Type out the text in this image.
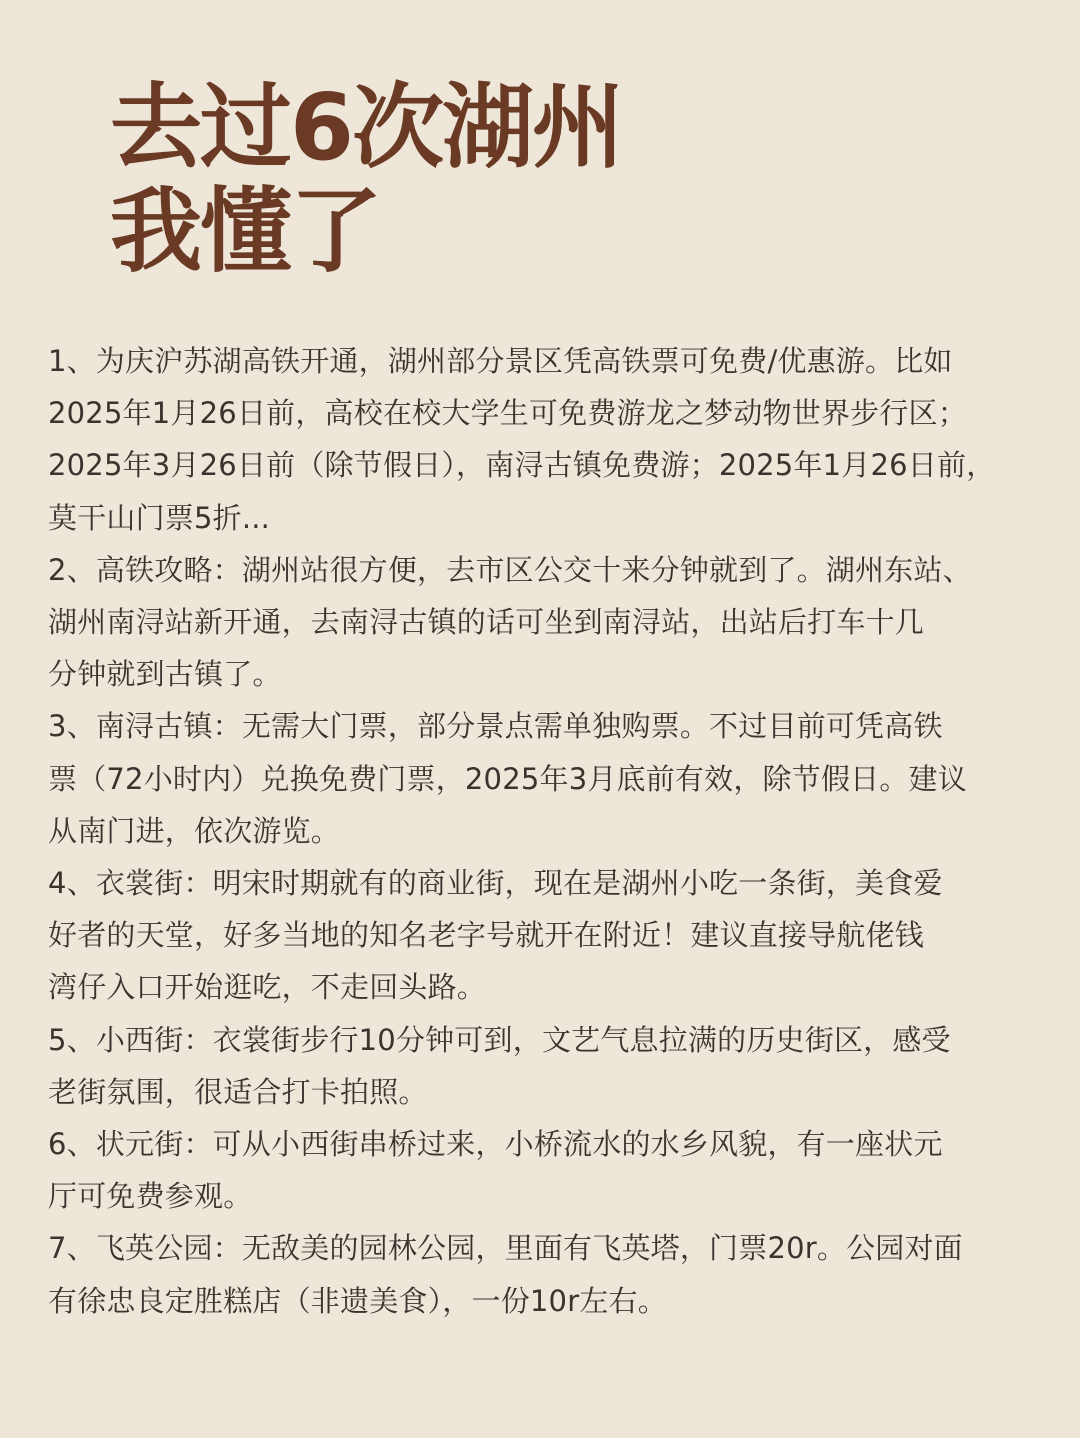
去过6次湖州
我懂了

1、为庆沪苏湖高铁开通，湖州部分景区凭高铁票可免费/优惠游。比如
2025年1月26日前，高校在校大学生可免费游龙之梦动物世界步行区；
2025年3月26日前（除节假日），南浔古镇免费游；2025年1月26日前，
莫干山门票5折...

2、高铁攻略：湖州站很方便，去市区公交十来分钟就到了。湖州东站、
湖州南浔站新开通，去南浔古镇的话可坐到南浔站，出站后打车十几
分钟就到古镇了。

3、南浔古镇：无需大门票，部分景点需单独购票。不过目前可凭高铁
票（72小时内）兑换免费门票，2025年3月底前有效，除节假日。建议
从南门进，依次游览。

4、衣裳街：明宋时期就有的商业街，现在是湖州小吃一条街，美食爱
好者的天堂，好多当地的知名老字号就开在附近！建议直接导航佬钱
湾仔入口开始逛吃，不走回头路。

5、小西街：衣裳街步行10分钟可到，文艺气息拉满的历史街区，感受
老街氛围，很适合打卡拍照。

6、状元街：可从小西街串桥过来，小桥流水的水乡风貌，有一座状元
厅可免费参观。

7、飞英公园：无敌美的园林公园，里面有飞英塔，门票20r。公园对面
有徐忠良定胜糕店（非遗美食），一份10r左右。
